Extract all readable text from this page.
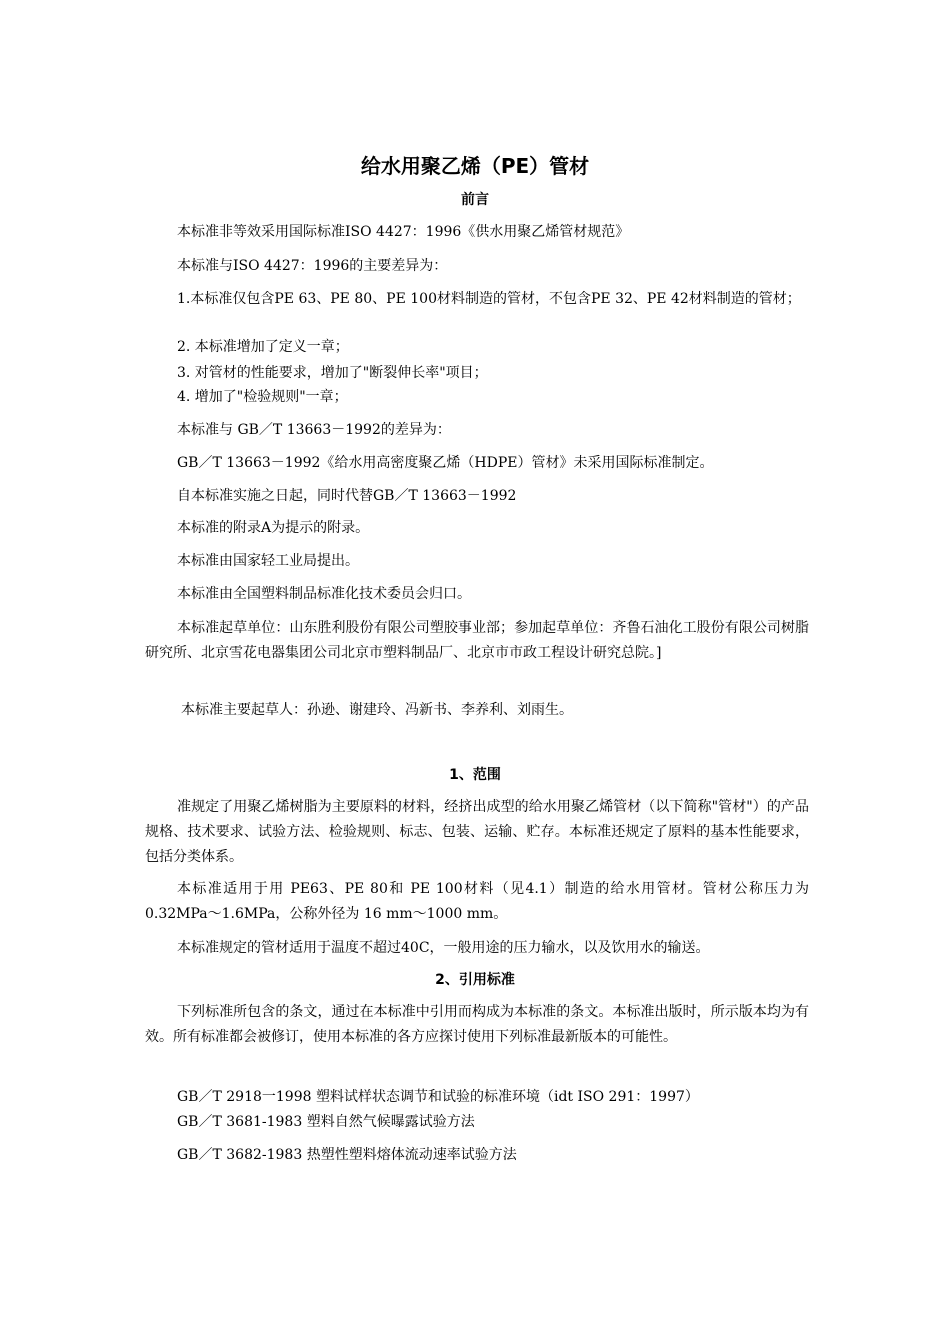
给水用聚乙烯（PE）管材
前言
本标准非等效采用国际标准ISO 4427：1996《供水用聚乙烯管材规范》
本标准与ISO 4427：1996的主要差异为：
1.本标准仅包含PE 63、PE 80、PE 100材料制造的管材，不包含PE 32、PE 42材料制造的管材；
2. 本标准增加了定义一章；
3. 对管材的性能要求，增加了"断裂伸长率"项目；
4. 增加了"检验规则"一章；
本标准与 GB／T 13663－1992的差异为：
GB／T 13663－1992《给水用高密度聚乙烯（HDPE）管材》未采用国际标准制定。
自本标准实施之日起，同时代替GB／T 13663－1992
本标准的附录A为提示的附录。
本标准由国家轻工业局提出。
本标准由全国塑料制品标准化技术委员会归口。
本标准起草单位：山东胜利股份有限公司塑胶事业部；参加起草单位：齐鲁石油化工股份有限公司树脂研究所、北京雪花电器集团公司北京市塑料制品厂、北京市市政工程设计研究总院。]
本标准主要起草人：孙逊、谢建玲、冯新书、李养利、刘雨生。
1、范围
准规定了用聚乙烯树脂为主要原料的材料，经挤出成型的给水用聚乙烯管材（以下简称"管材"）的产品规格、技术要求、试验方法、检验规则、标志、包装、运输、贮存。本标准还规定了原料的基本性能要求，包括分类体系。
本标准适用于用 PE63、PE 80和 PE 100材料（见4.1）制造的给水用管材。管材公称压力为0.32MPa～1.6MPa，公称外径为 16 mm～1000 mm。
本标准规定的管材适用于温度不超过40C，一般用途的压力输水，以及饮用水的输送。
2、引用标准
下列标准所包含的条文，通过在本标准中引用而构成为本标准的条文。本标准出版时，所示版本均为有效。所有标准都会被修订，使用本标准的各方应探讨使用下列标准最新版本的可能性。
GB／T 2918一1998 塑料试样状态调节和试验的标准环境（idt ISO 291：1997）
GB／T 3681-1983 塑料自然气候曝露试验方法
GB／T 3682-1983 热塑性塑料熔体流动速率试验方法
